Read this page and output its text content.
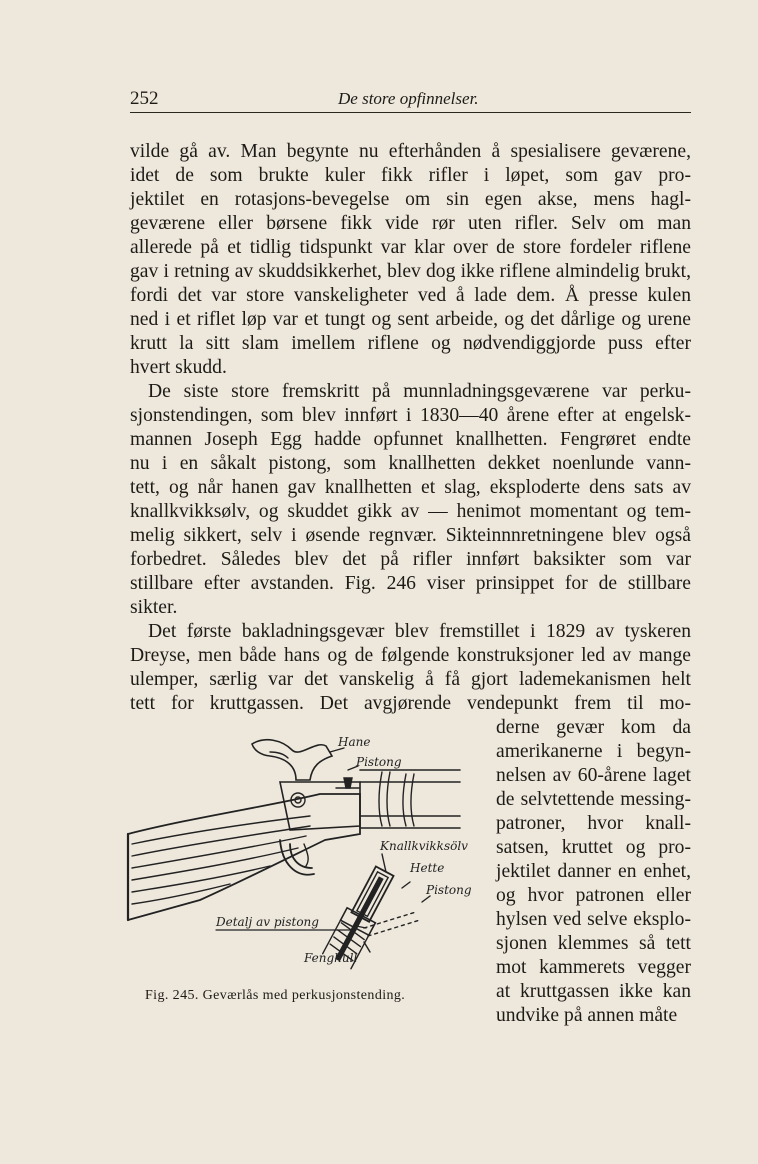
252	De store opfinnelser.
vilde gå av. Man begynte nu efterhånden å spesialisere geværene,
idet de som brukte kuler fikk rifler i løpet, som gav pro-
jektilet en rotasjons-bevegelse om sin egen akse, mens hagl-
geværene eller børsene fikk vide rør uten rifler. Selv om man
allerede på et tidlig tidspunkt var klar over de store fordeler riflene
gav i retning av skuddsikkerhet, blev dog ikke riflene almindelig brukt,
fordi det var store vanskeligheter ved å lade dem. Å presse kulen
ned i et riflet løp var et tungt og sent arbeide, og det dårlige og urene
krutt la sitt slam imellem riflene og nødvendiggjorde puss efter
hvert skudd.
De siste store fremskritt på munnladningsgeværene var perku-
sjonstendingen, som blev innført i 1830—40 årene efter at engelsk-
mannen Joseph Egg hadde opfunnet knallhetten. Fengrøret endte
nu i en såkalt pistong, som knallhetten dekket noenlunde vann-
tett, og når hanen gav knallhetten et slag, eksploderte dens sats av
knallkvikksølv, og skuddet gikk av — henimot momentant og tem-
melig sikkert, selv i øsende regnvær. Sikteinnnretningene blev også
forbedret. Således blev det på rifler innført baksikter som var
stillbare efter avstanden. Fig. 246 viser prinsippet for de stillbare
sikter.
Det første bakladningsgevær blev fremstillet i 1829 av tyskeren
Dreyse, men både hans og de følgende konstruksjoner led av mange
ulemper, særlig var det vanskelig å få gjort lademekanismen helt
tett for kruttgassen. Det avgjørende vendepunkt frem til mo-
derne gevær kom da
amerikanerne i begyn-
nelsen av 60-årene laget
de selvtettende messing-
patroner, hvor knall-
satsen, kruttet og pro-
jektilet danner en enhet,
og hvor patronen eller
hylsen ved selve eksplo-
sjonen klemmes så tett
mot kammerets vegger
at kruttgassen ikke kan
undvike på annen måte
Hane
Pistong
Knallkvikksölv
Hette
Pistong
Detalj av pistong
Fenghull
Fig. 245. Geværlås med perkusjonstending.
